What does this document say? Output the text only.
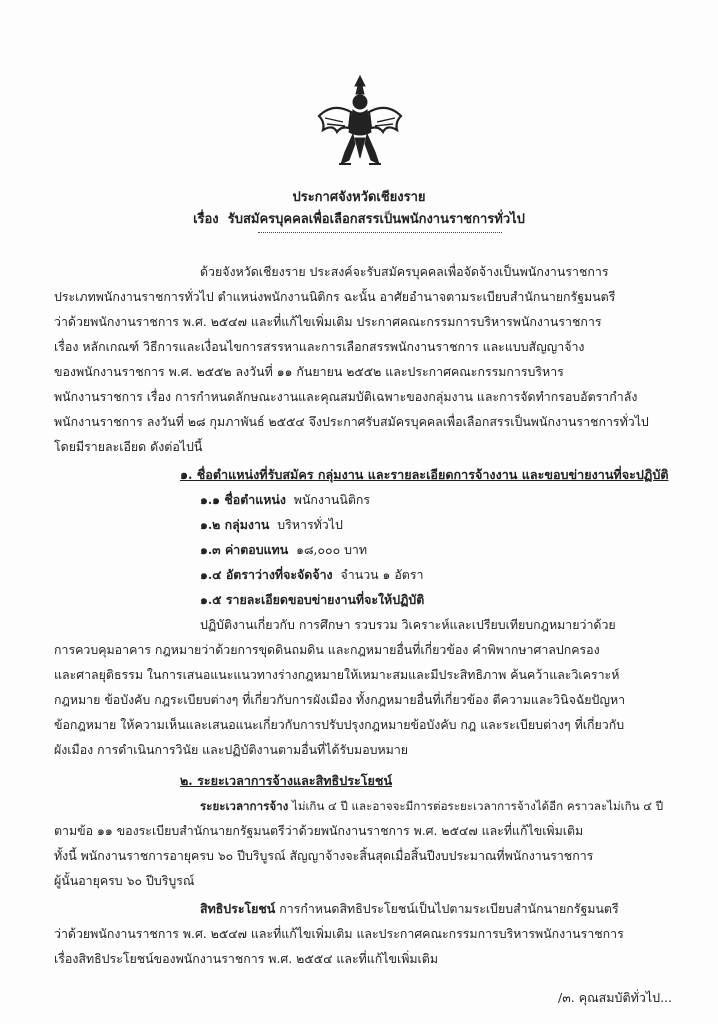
ประกาศจังหวัดเชียงราย
เรื่อง รับสมัครบุคคลเพื่อเลือกสรรเป็นพนักงานราชการทั่วไป
ด้วยจังหวัดเชียงราย ประสงค์จะรับสมัครบุคคลเพื่อจัดจ้างเป็นพนักงานราชการ
ประเภทพนักงานราชการทั่วไป ตำแหน่งพนักงานนิติกร ฉะนั้น อาศัยอำนาจตามระเบียบสำนักนายกรัฐมนตรี
ว่าด้วยพนักงานราชการ พ.ศ. ๒๕๔๗ และที่แก้ไขเพิ่มเติม ประกาศคณะกรรมการบริหารพนักงานราชการ
เรื่อง หลักเกณฑ์ วิธีการและเงื่อนไขการสรรหาและการเลือกสรรพนักงานราชการ และแบบสัญญาจ้าง
ของพนักงานราชการ พ.ศ. ๒๕๕๒ ลงวันที่ ๑๑ กันยายน ๒๕๕๒ และประกาศคณะกรรมการบริหาร
พนักงานราชการ เรื่อง การกำหนดลักษณะงานและคุณสมบัติเฉพาะของกลุ่มงาน และการจัดทำกรอบอัตรากำลัง
พนักงานราชการ ลงวันที่ ๒๘ กุมภาพันธ์ ๒๕๕๔ จึงประกาศรับสมัครบุคคลเพื่อเลือกสรรเป็นพนักงานราชการทั่วไป
โดยมีรายละเอียด ดังต่อไปนี้
๑. ชื่อตำแหน่งที่รับสมัคร กลุ่มงาน และรายละเอียดการจ้างงาน และขอบข่ายงานที่จะปฏิบัติ
๑.๑ ชื่อตำแหน่ง พนักงานนิติกร
๑.๒ กลุ่มงาน บริหารทั่วไป
๑.๓ ค่าตอบแทน ๑๘,๐๐๐ บาท
๑.๔ อัตราว่างที่จะจัดจ้าง จำนวน ๑ อัตรา
๑.๕ รายละเอียดขอบข่ายงานที่จะให้ปฏิบัติ
ปฏิบัติงานเกี่ยวกับ การศึกษา รวบรวม วิเคราะห์และเปรียบเทียบกฎหมายว่าด้วย
การควบคุมอาคาร กฎหมายว่าด้วยการขุดดินถมดิน และกฎหมายอื่นที่เกี่ยวข้อง คำพิพากษาศาลปกครอง
และศาลยุติธรรม ในการเสนอแนะแนวทางร่างกฎหมายให้เหมาะสมและมีประสิทธิภาพ ค้นคว้าและวิเคราะห์
กฎหมาย ข้อบังคับ กฎระเบียบต่างๆ ที่เกี่ยวกับการผังเมือง ทั้งกฎหมายอื่นที่เกี่ยวข้อง ตีความและวินิจฉัยปัญหา
ข้อกฎหมาย ให้ความเห็นและเสนอแนะเกี่ยวกับการปรับปรุงกฎหมายข้อบังคับ กฎ และระเบียบต่างๆ ที่เกี่ยวกับ
ผังเมือง การดำเนินการวินัย และปฏิบัติงานตามอื่นที่ได้รับมอบหมาย
๒. ระยะเวลาการจ้างและสิทธิประโยชน์
ระยะเวลาการจ้าง ไม่เกิน ๔ ปี และอาจจะมีการต่อระยะเวลาการจ้างได้อีก คราวละไม่เกิน ๔ ปี
ตามข้อ ๑๑ ของระเบียบสำนักนายกรัฐมนตรีว่าด้วยพนักงานราชการ พ.ศ. ๒๕๔๗ และที่แก้ไขเพิ่มเติม
ทั้งนี้ พนักงานราชการอายุครบ ๖๐ ปีบริบูรณ์ สัญญาจ้างจะสิ้นสุดเมื่อสิ้นปีงบประมาณที่พนักงานราชการ
ผู้นั้นอายุครบ ๖๐ ปีบริบูรณ์
สิทธิประโยชน์ การกำหนดสิทธิประโยชน์เป็นไปตามระเบียบสำนักนายกรัฐมนตรี
ว่าด้วยพนักงานราชการ พ.ศ. ๒๕๔๗ และที่แก้ไขเพิ่มเติม และประกาศคณะกรรมการบริหารพนักงานราชการ
เรื่องสิทธิประโยชน์ของพนักงานราชการ พ.ศ. ๒๕๕๔ และที่แก้ไขเพิ่มเติม
/๓. คุณสมบัติทั่วไป...
